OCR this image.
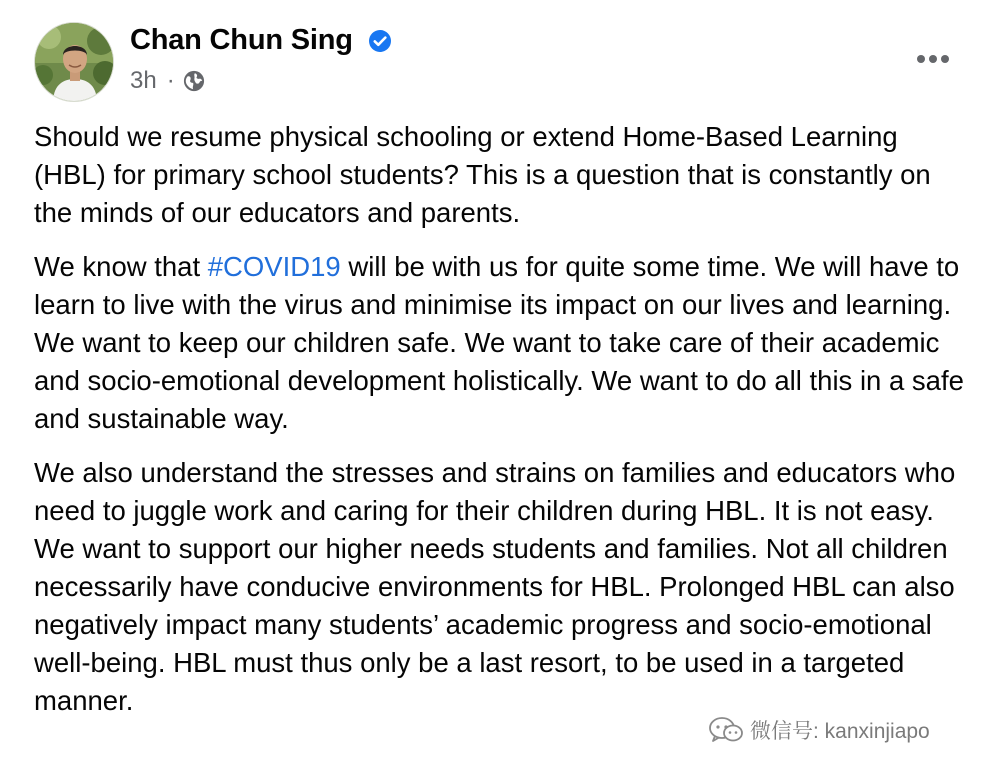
Chan Chun Sing
3h ·

Should we resume physical schooling or extend Home-Based Learning (HBL) for primary school students? This is a question that is constantly on the minds of our educators and parents.

We know that #COVID19 will be with us for quite some time. We will have to learn to live with the virus and minimise its impact on our lives and learning. We want to keep our children safe. We want to take care of their academic and socio-emotional development holistically. We want to do all this in a safe and sustainable way.

We also understand the stresses and strains on families and educators who need to juggle work and caring for their children during HBL. It is not easy. We want to support our higher needs students and families. Not all children necessarily have conducive environments for HBL. Prolonged HBL can also negatively impact many students’ academic progress and socio-emotional well-being. HBL must thus only be a last resort, to be used in a targeted manner.

微信号: kanxinjiapo
